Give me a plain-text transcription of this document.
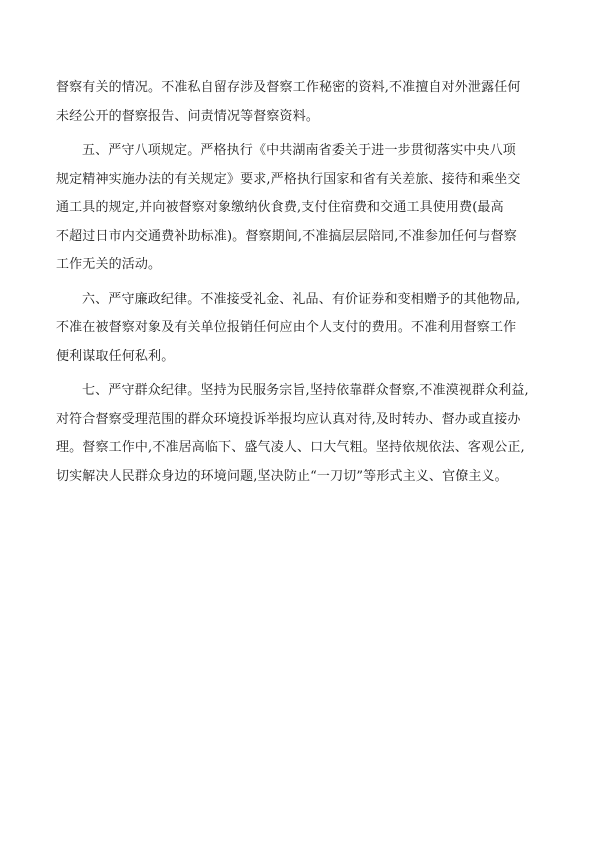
督察有关的情况。不准私自留存涉及督察工作秘密的资料,不准擅自对外泄露任何
未经公开的督察报告、问责情况等督察资料。
五、严守八项规定。严格执行《中共湖南省委关于进一步贯彻落实中央八项
规定精神实施办法的有关规定》要求,严格执行国家和省有关差旅、接待和乘坐交
通工具的规定,并向被督察对象缴纳伙食费,支付住宿费和交通工具使用费(最高
不超过日市内交通费补助标准)。督察期间,不准搞层层陪同,不准参加任何与督察
工作无关的活动。
六、严守廉政纪律。不准接受礼金、礼品、有价证券和变相赠予的其他物品,
不准在被督察对象及有关单位报销任何应由个人支付的费用。不准利用督察工作
便利谋取任何私利。
七、严守群众纪律。坚持为民服务宗旨,坚持依靠群众督察,不准漠视群众利益,
对符合督察受理范围的群众环境投诉举报均应认真对待,及时转办、督办或直接办
理。督察工作中,不准居高临下、盛气凌人、口大气粗。坚持依规依法、客观公正,
切实解决人民群众身边的环境问题,坚决防止“一刀切”等形式主义、官僚主义。
